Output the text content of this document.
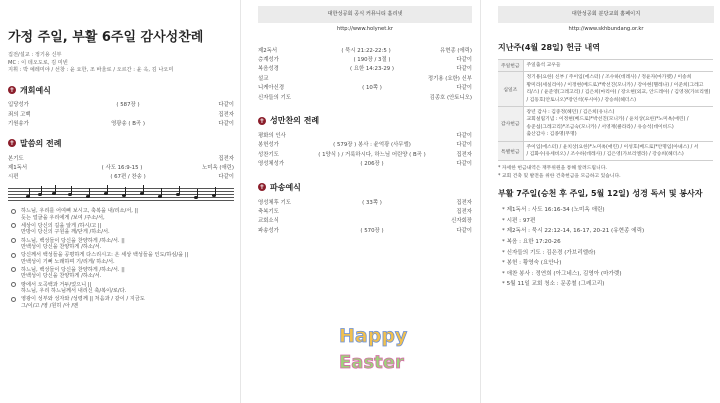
가정 주일, 부활 6주일 감사성찬례
집전/설교 : 정기용 신부
MC : 이 데오도로, 김 미빈
지휘 : 박 예레미야 / 선창 : 윤 요한, 조 바울로 / 오르간 : 윤 옥, 김 나오미
✝ 개회예식
입당성가	( 587장 )	다같이
죄의 고백	집전자
기원송가	영광송 ( B곡 )	다같이
✝ 말씀의 전례
본기도	집전자
제1독서	( 사도 16:9-15 )	노미옥 (애린)
시편	( 67편 / 찬송 )	다같이
하느님, 우리를 어여삐 보시고, 축복을 내/리소/서, ||
듯는 얼굴을 우리에게 /보여 /주소/서,
세상이 당신의 길을 알게 /하시/고 ||
만방이 당신의 구원을 깨/닫게 /하소/서.
하느님, 백성들이 당신을 찬양하게 /하소/서. ||
만백성이 당신을 찬양하게 /하소/서.
당신께서 백성들을 공평하게 다스리시고: 온 세상 백성들을 인도/하심/을 ||
만백성이 기뻐 노래하며 기/리게/ 하소/서.
하느님, 백성들이 당신을 찬양하게 /하소/서. ||
만백성이 당신을 찬양하게 /하소/서.
땅에서 오곡백과 거두/었으니 ||
하느님, 우리 하느님께서 내리신 축/복이/로/다.
영광이 성부와 성자와 /성령께 || 처음과 / 같이 / 지금도
그/이/고 /영 /원히 /아 /멘
대한성공회 공식 커뮤니티 홀리넷
http://www.holynet.kr
제2독서	( 묵시 21:22-22:5 )	유현종 (에릭)
층계성가	( 190장 / 3절 )	다같이
복음성경	( 요한 14:23-29 )	다같이
설교	정기용 (요한) 신부
니케아신경	( 10쪽 )	다같이
신자들의 기도	김종호 (안토니오)
✝ 성만찬의 전례
평화의 인사	다같이
봉헌성가	( 579장 ) 봉사 : 윤억광 (사무엘)	다같이
성찬기도	( 1양식 ) / 거룩하시다, 하느님 어린양 ( B곡 )	집전자
영성체성가	( 206장 )	다같이
✝ 파송예식
영성체후 기도	( 33쪽 )	집전자
축복기도	집전자
교회소식	신자회장
파송성가	( 570장 )	다같이
Happy
Easter
대한성공회 분당교회 홈페이지
http://www.skhbundang.or.kr
지난주(4월 28일) 헌금 내역
주일헌금	주일출석 교우들

십일조	정기용(요한) 신부 / 주이입(에스터) / 조수하(데레사) / 정윤자(마가렛) / 이송희
황미라(세실리아) / 이정현(베드로)*박선진(모니카) / 강아현(헬레나) / 이준희(그레고
리/스) / 윤준영(그레고리) / 김은희(마리아) / 장오현(외교, 안드레아) / 김영경(가브리엘)
/ 김동호(안토니오)*장인석(루시아) / 강승희(헤더스)

감사헌금	장년 감사 : 김중정(헤던) / 김은희(유니스)
교회설립기념 : 이정현(베드로)*박선진(모니카) / 윤치상(요한)*노미옥(애린) /
송준섭(그레고리)*조금숙(모니카) / 서영재(클라라) / 유승석(데이비드)
출산감사 : 김종명(무명)

특별헌금	주이입(에스터) / 윤치상(요한)*노미옥(애린) / 이성호(베드로)*안명임(아녜스) / 서
/ 김화수(유세비오) / 조수하(데레사) / 김은영(가브리엘라) / 강승희(헤더스)
* 자세한 헌금내역은 재무위원을 통해 알려드립니다.
* 교회 건축 및 발전을 위한 건축헌금을 모금하고 있습니다.
부활 7주일(승천 후 주일, 5월 12일) 성경 독서 및 봉사자
* 제1독서 : 사도 16:16-34 (노미옥 애린)
* 시편 : 97편
* 제2독서 : 묵시 22:12-14, 16-17, 20-21 (유현종 에릭)
* 복음 : 요한 17:20-26
* 신자들의 기도 : 김은경 (가브리엘라)
* 봉헌 : 황영숙 (요안나)
* 애찬 봉사 : 정연희 (아그네스), 김영아 (마가렛)
* 5월 11일 교회 청소 : 문종철 (그레고리)
